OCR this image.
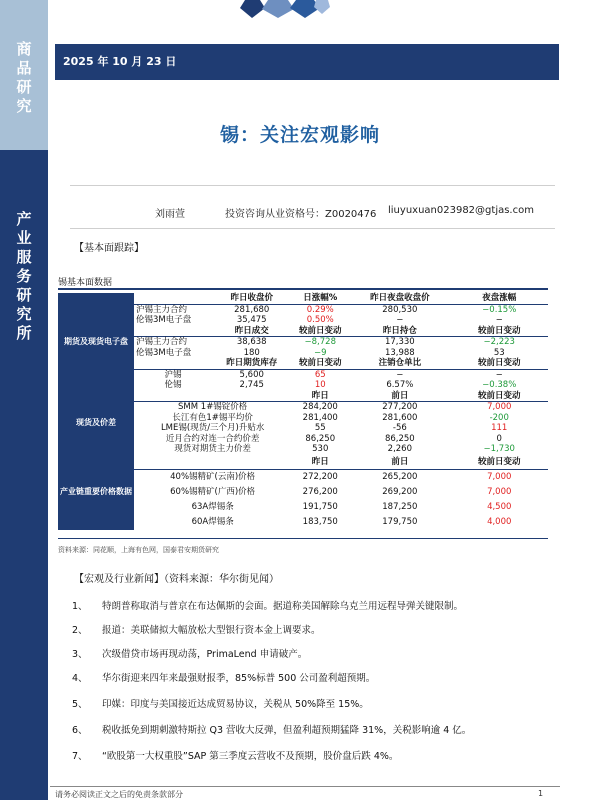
商
品
研
究
产
业
服
务
研
究
所
2025 年 10 月 23 日
锡：关注宏观影响
刘雨萱	投资咨询从业资格号：Z0020476 liuyuxuan023982@gtjas.com
【基本面跟踪】
锡基本面数据
期货及现货电子盘		昨日收盘价	日涨幅%	昨日夜盘收盘价	夜盘涨幅
	沪锡主力合约	281,680	0.29%	280,530	−0.15%
	伦锡3M电子盘	35,475	0.50%	−	−
		昨日成交	较前日变动	昨日持仓	较前日变动
	沪锡主力合约	38,638	−8,728	17,330	−2,223
	伦锡3M电子盘	180	−9	13,988	53
		昨日期货库存	较前日变动	注销仓单比	较前日变动
	沪锡	5,600	65	−	−
	伦锡	2,745	10	6.57%	−0.38%
现货及价差			昨日	前日	较前日变动
	SMM 1#锡锭价格		284,200	277,200	7,000
	长江有色1#锡平均价		281,400	281,600	-200
	LME锡(现货/三个月)升贴水		55	-56	111
	近月合约对连一合约价差		86,250	86,250	0
	现货对期货主力价差		530	2,260	−1,730
产业链重要价格数据			昨日	前日	较前日变动
	40%锡精矿(云南)价格		272,200	265,200	7,000
	60%锡精矿(广西)价格		276,200	269,200	7,000
	63A焊锡条		191,750	187,250	4,500
	60A焊锡条		183,750	179,750	4,000
资料来源：同花顺，上海有色网，国泰君安期货研究
【宏观及行业新闻】（资料来源：华尔街见闻）
1、 特朗普称取消与普京在布达佩斯的会面。据道称美国解除乌克兰用远程导弹关键限制。
2、 报道：美联储拟大幅放松大型银行资本金上调要求。
3、 次级借贷市场再现动荡，PrimaLend 申请破产。
4、 华尔街迎来四年来最强财报季，85%标普 500 公司盈利超预期。
5、 印媒：印度与美国接近达成贸易协议，关税从 50%降至 15%。
6、 税收抵免到期刺激特斯拉 Q3 营收大反弹，但盈利超预期猛降 31%，关税影响逾 4 亿。
7、 “欧股第一大权重股”SAP 第三季度云营收不及预期，股价盘后跌 4%。
请务必阅读正文之后的免责条款部分	1
